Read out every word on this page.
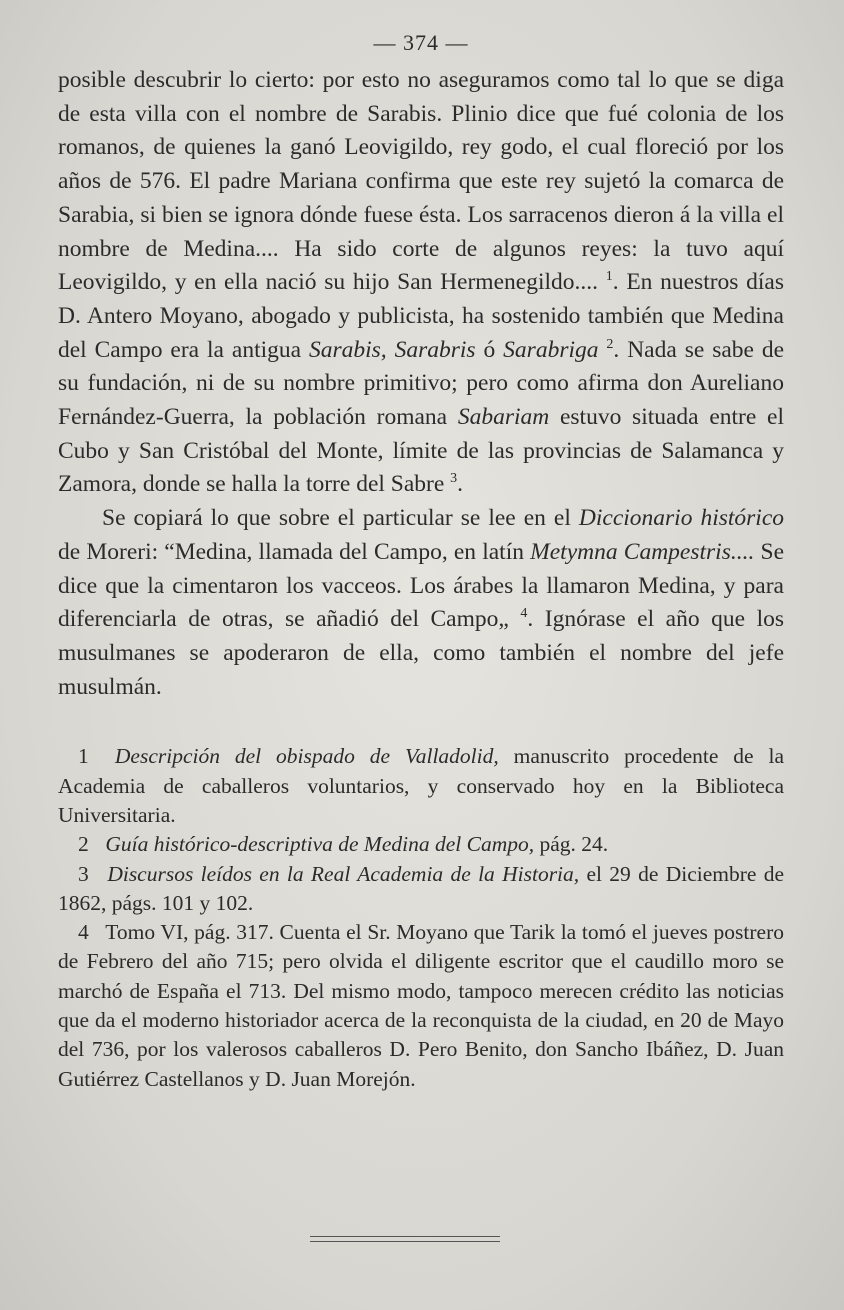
— 374 —
posible descubrir lo cierto: por esto no aseguramos como tal lo que se diga de esta villa con el nombre de Sarabis. Plinio dice que fué colonia de los romanos, de quienes la ganó Leovigildo, rey godo, el cual floreció por los años de 576. El padre Mariana confirma que este rey sujetó la comarca de Sarabia, si bien se ignora dónde fuese ésta. Los sarracenos dieron á la villa el nombre de Medina.... Ha sido corte de algunos reyes: la tuvo aquí Leovigildo, y en ella nació su hijo San Hermenegildo.... $^1$. En nuestros días D. Antero Moyano, abogado y publicista, ha sostenido también que Medina del Campo era la antigua Sarabis, Sarabris ó Sarabriga $^2$. Nada se sabe de su fundación, ni de su nombre primitivo; pero como afirma don Aureliano Fernández-Guerra, la población romana Sabariam estuvo situada entre el Cubo y San Cristóbal del Monte, límite de las provincias de Salamanca y Zamora, donde se halla la torre del Sabre $^3$.
Se copiará lo que sobre el particular se lee en el Diccionario histórico de Moreri: “Medina, llamada del Campo, en latín Metymna Campestris.... Se dice que la cimentaron los vacceos. Los árabes la llamaron Medina, y para diferenciarla de otras, se añadió del Campo„ $^4$. Ignórase el año que los musulmanes se apoderaron de ella, como también el nombre del jefe musulmán.
1 Descripción del obispado de Valladolid, manuscrito procedente de la Academia de caballeros voluntarios, y conservado hoy en la Biblioteca Universitaria.
2 Guía histórico-descriptiva de Medina del Campo, pág. 24.
3 Discursos leídos en la Real Academia de la Historia, el 29 de Diciembre de 1862, págs. 101 y 102.
4 Tomo VI, pág. 317. Cuenta el Sr. Moyano que Tarik la tomó el jueves postrero de Febrero del año 715; pero olvida el diligente escritor que el caudillo moro se marchó de España el 713. Del mismo modo, tampoco merecen crédito las noticias que da el moderno historiador acerca de la reconquista de la ciudad, en 20 de Mayo del 736, por los valerosos caballeros D. Pero Benito, don Sancho Ibáñez, D. Juan Gutiérrez Castellanos y D. Juan Morejón.
